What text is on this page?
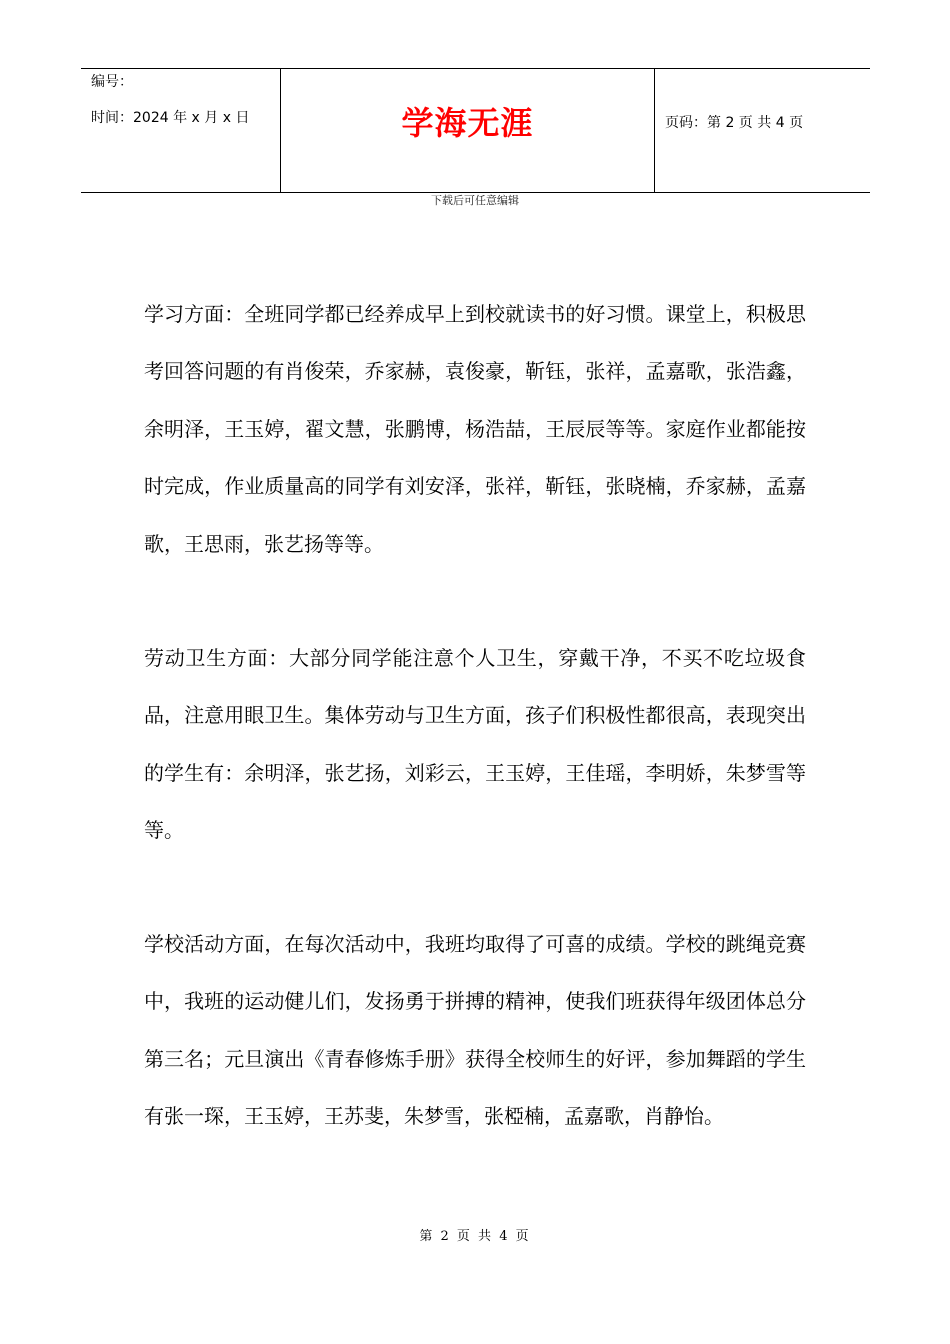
编号：
时间：2024 年 x 月 x 日	学海无涯	页码：第 2 页 共 4 页
下载后可任意编辑
学习方面：全班同学都已经养成早上到校就读书的好习惯。课堂上，积极思考回答问题的有肖俊荣，乔家赫，袁俊豪，靳钰，张祥，孟嘉歌，张浩鑫，余明泽，王玉婷，翟文慧，张鹏博，杨浩喆，王辰辰等等。家庭作业都能按时完成，作业质量高的同学有刘安泽，张祥，靳钰，张晓楠，乔家赫，孟嘉歌，王思雨，张艺扬等等。
劳动卫生方面：大部分同学能注意个人卫生，穿戴干净，不买不吃垃圾食品，注意用眼卫生。集体劳动与卫生方面，孩子们积极性都很高，表现突出的学生有：余明泽，张艺扬，刘彩云，王玉婷，王佳瑶，李明娇，朱梦雪等等。
学校活动方面，在每次活动中，我班均取得了可喜的成绩。学校的跳绳竞赛中，我班的运动健儿们，发扬勇于拼搏的精神，使我们班获得年级团体总分第三名；元旦演出《青春修炼手册》获得全校师生的好评，参加舞蹈的学生有张一琛，王玉婷，王苏斐，朱梦雪，张椏楠，孟嘉歌，肖静怡。
第 2 页 共 4 页
